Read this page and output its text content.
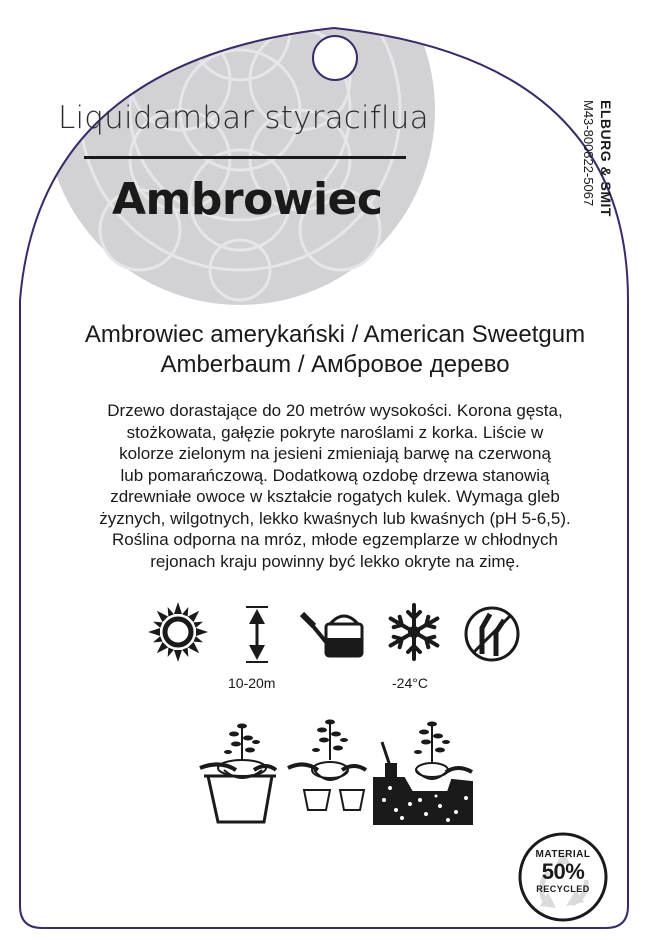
Liquidambar styraciflua
Ambrowiec	ELBURG & SMIT
M43-800822-5067
Ambrowiec amerykański / American Sweetgum
Amberbaum / Амбровое дерево
Drzewo dorastające do 20 metrów wysokości. Korona gęsta,
stożkowata, gałęzie pokryte naroślami z korka. Liście w
kolorze zielonym na jesieni zmieniają barwę na czerwoną
lub pomarańczową. Dodatkową ozdobę drzewa stanowią
zdrewniałe owoce w kształcie rogatych kulek. Wymaga gleb
żyznych, wilgotnych, lekko kwaśnych lub kwaśnych (pH 5-6,5).
Roślina odporna na mróz, młode egzemplarze w chłodnych
rejonach kraju powinny być lekko okryte na zimę.
10-20m	-24°C
MATERIAL
50%
RECYCLED
